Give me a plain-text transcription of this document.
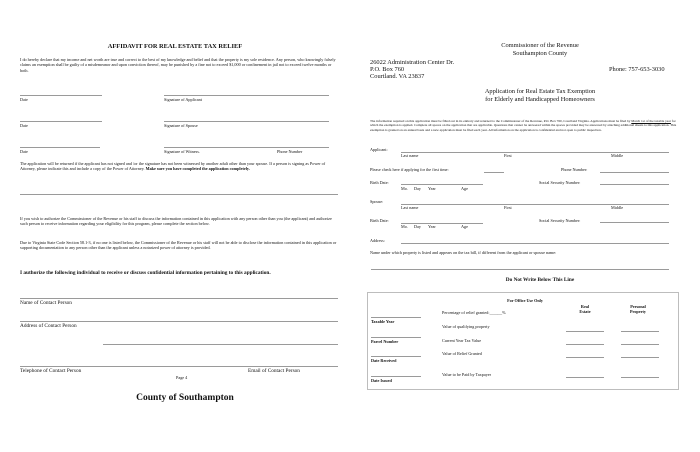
AFFIDAVIT FOR REAL ESTATE TAX RELIEF
I do hereby declare that my income and net worth are true and correct to the best of my knowledge and belief and that the property is my sole residence. Any person, who knowingly falsely claims an exemption shall be guilty of a misdemeanor and upon conviction thereof, may be punished by a fine not to exceed $1,000 or confinement in jail not to exceed twelve months or both.
Date	Signature of Applicant
Date	Signature of Spouse
Date	Signature of Witness.	Phone Number
The application will be returned if the applicant has not signed and /or the signature has not been witnessed by another adult other than your spouse. If a person is signing as Power of Attorney, please indicate this and include a copy of the Power of Attorney. Make sure you have completed the application completely.
If you wish to authorize the Commissioner of the Revenue or his staff to discuss the information contained in this application with any person other than you (the applicant) and authorize such person to receive information regarding your eligibility for this program, please complete the section below.
Due to Virginia State Code Section 58.1-3, if no one is listed below, the Commissioner of the Revenue or his staff will not be able to disclose the information contained in this application or supporting documentation to any person other than the applicant unless a notarized power of attorney is provided.
I authorize the following individual to receive or discuss confidential information pertaining to this application.
Name of Contact Person
Address of Contact Person
Telephone of Contact Person	Email of Contact Person
Page 4
County of Southampton
Commissioner of the Revenue
Southampton County
26022 Administration Center Dr.
P.O. Box 760
Courtland. VA 23837
Phone: 757-653-3030
Application for Real Estate Tax Exemption
for Elderly and Handicapped Homeowners
The information required on this application must be filled out in its entirety and returned to the Commissioner of the Revenue, P.O. Box 760, Courtland Virginia. Applications must be filed by March 1st of the taxable year for which the exemption is applied. Complete all spaces on the application that are applicable. Questions that cannot be answered within the spaces provided may be answered by attaching additional sheets to this application. This exemption is granted on an annual basis and a new application must be filed each year. All information on the application is confidential and not open to public inspection.
Applicant:
Last name	First	Middle
Please check here if applying for the first time:	Phone Number:
Birth Date:
Mo. Day Year	Age
Social Security Number:
Spouse:
Last name	First	Middle
Birth Date:
Mo. Day Year	Age
Social Security Number:
Address:
Name under which property is listed and appears on the tax bill, if different from the applicant or spouse name:
Do Not Write Below This Line
For Office Use Only
Real
Estate
Personal
Property
Percentage of relief granted:______%
Taxable Year
Parcel Number
Date Received
Date Issued
Value of qualifying property
Current Year Tax Value
Value of Relief Granted
Value to be Paid by Taxpayer
